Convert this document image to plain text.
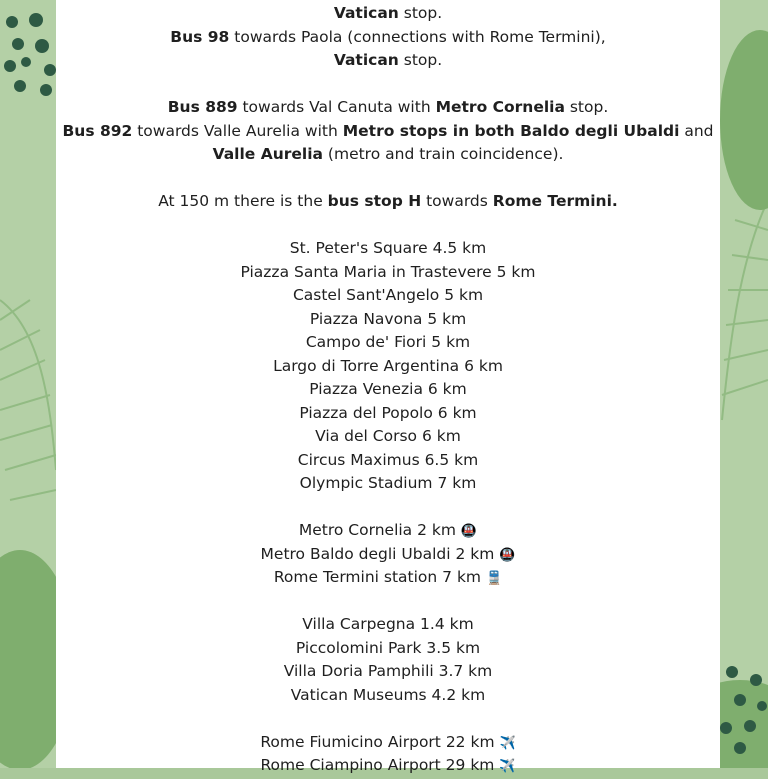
Vatican stop.
Bus 98 towards Paola (connections with Rome Termini),
Vatican stop.
Bus 889 towards Val Canuta with Metro Cornelia stop.
Bus 892 towards Valle Aurelia with Metro stops in both Baldo degli Ubaldi and
Valle Aurelia (metro and train coincidence).
At 150 m there is the bus stop H towards Rome Termini.
St. Peter's Square 4.5 km
Piazza Santa Maria in Trastevere 5 km
Castel Sant'Angelo 5 km
Piazza Navona 5 km
Campo de' Fiori 5 km
Largo di Torre Argentina 6 km
Piazza Venezia 6 km
Piazza del Popolo 6 km
Via del Corso 6 km
Circus Maximus 6.5 km
Olympic Stadium 7 km
Metro Cornelia 2 km 🚇
Metro Baldo degli Ubaldi 2 km 🚇
Rome Termini station 7 km 🚆
Villa Carpegna 1.4 km
Piccolomini Park 3.5 km
Villa Doria Pamphili 3.7 km
Vatican Museums 4.2 km
Rome Fiumicino Airport 22 km ✈️
Rome Ciampino Airport 29 km ✈️
